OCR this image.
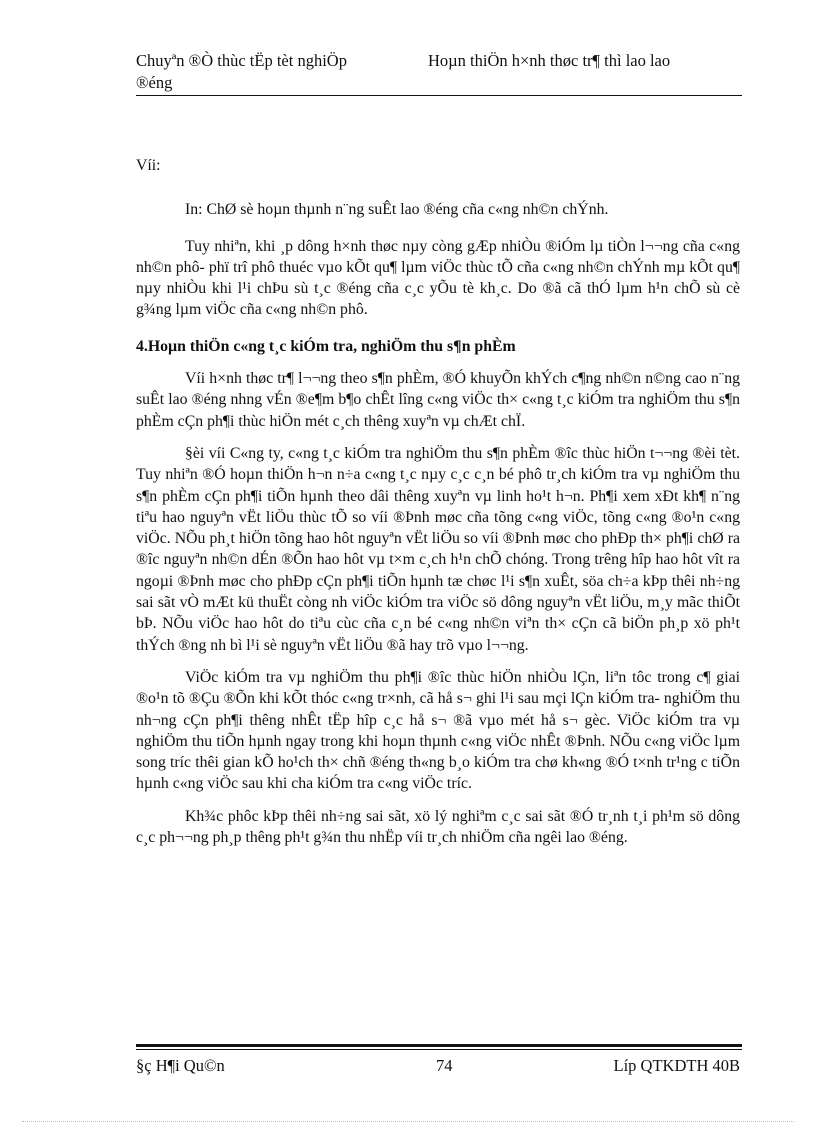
Chuyªn ®Ò thùc tËp tèt nghiÖp
®éng
Hoµn thiÖn h×nh thøc tr¶ thì lao lao

Víi:

In: ChØ sè hoµn thµnh n¨ng suÊt lao ®éng cña c«ng nh©n chÝnh.

Tuy nhiªn, khi ¸p dông h×nh thøc nµy còng gÆp nhiÒu ®iÓm lµ tiÒn l¬¬ng cña c«ng nh©n phô- phï trî phô thuéc vµo kÕt qu¶ lµm viÖc thùc tÕ cña c«ng nh©n chÝnh mµ kÕt qu¶ nµy nhiÒu khi l¹i chÞu sù t¸c ®éng cña c¸c yÕu tè kh¸c. Do ®ã cã thÓ lµm h¹n chÕ sù cè g¾ng lµm viÖc cña c«ng nh©n phô.

4.Hoµn thiÖn c«ng t¸c kiÓm tra, nghiÖm thu s¶n phÈm

Víi h×nh thøc tr¶ l¬¬ng theo s¶n phÈm, ®Ó khuyÕn khÝch c¶ng nh©n n©ng cao n¨ng suÊt lao ®éng nhng vÉn ®e¶m b¶o chÊt lîng c«ng viÖc th× c«ng t¸c kiÓm tra nghiÖm thu s¶n phÈm cÇn ph¶i thùc hiÖn mét c¸ch thêng xuyªn vµ chÆt chÏ.

§èi víi C«ng ty, c«ng t¸c kiÓm tra nghiÖm thu s¶n phÈm ®îc thùc hiÖn t¬¬ng ®èi tèt. Tuy nhiªn ®Ó hoµn thiÖn h¬n n÷a c«ng t¸c nµy c¸c c¸n bé phô tr¸ch kiÓm tra vµ nghiÖm thu s¶n phÈm cÇn ph¶i tiÕn hµnh theo dâi thêng xuyªn vµ linh ho¹t h¬n. Ph¶i xem xÐt kh¶ n¨ng tiªu hao nguyªn vËt liÖu thùc tÕ so víi ®Þnh møc cña tõng c«ng viÖc, tõng c«ng ®o¹n c«ng viÖc. NÕu ph¸t hiÖn tõng hao hôt nguyªn vËt liÖu so víi ®Þnh møc cho phÐp th× ph¶i chØ ra ®îc nguyªn nh©n dÉn ®Õn hao hôt vµ t×m c¸ch h¹n chÕ chóng. Trong trêng hîp hao hôt vît ra ngoµi ®Þnh møc cho phÐp cÇn ph¶i tiÕn hµnh tæ chøc l¹i s¶n xuÊt, söa ch÷a kÞp thêi nh÷ng sai sãt vÒ mÆt kü thuËt còng nh viÖc kiÓm tra viÖc sö dông nguyªn vËt liÖu, m¸y mãc thiÕt bÞ. NÕu viÖc hao hôt do tiªu cùc cña c¸n bé c«ng nh©n viªn th× cÇn cã biÖn ph¸p xö ph¹t thÝch ®ng nh bì l¹i sè nguyªn vËt liÖu ®ã hay trõ vµo l¬¬ng.

ViÖc kiÓm tra vµ nghiÖm thu ph¶i ®îc thùc hiÖn nhiÒu lÇn, liªn tôc trong c¶ giai ®o¹n tõ ®Çu ®Õn khi kÕt thóc c«ng tr×nh, cã hå s¬ ghi l¹i sau mçi lÇn kiÓm tra- nghiÖm thu nh¬ng cÇn ph¶i thêng nhÊt tËp hîp c¸c hå s¬ ®ã vµo mét hå s¬ gèc. ViÖc kiÓm tra vµ nghiÖm thu tiÕn hµnh ngay trong khi hoµn thµnh c«ng viÖc nhÊt ®Þnh. NÕu c«ng viÖc lµm song tríc thêi gian kÕ ho¹ch th× chñ ®éng th«ng b¸o kiÓm tra chø kh«ng ®Ó t×nh tr¹ng c tiÕn hµnh c«ng viÖc sau khi cha kiÓm tra c«ng viÖc tríc.

Kh¾c phôc kÞp thêi nh÷ng sai sãt, xö lý nghiªm c¸c sai sãt ®Ó tr¸nh t¸i ph¹m sö dông c¸c ph¬¬ng ph¸p thêng ph¹t g¾n thu nhËp víi tr¸ch nhiÖm cña ngêi lao ®éng.

§ç H¶i Qu©n	74	Líp QTKDTH 40B
